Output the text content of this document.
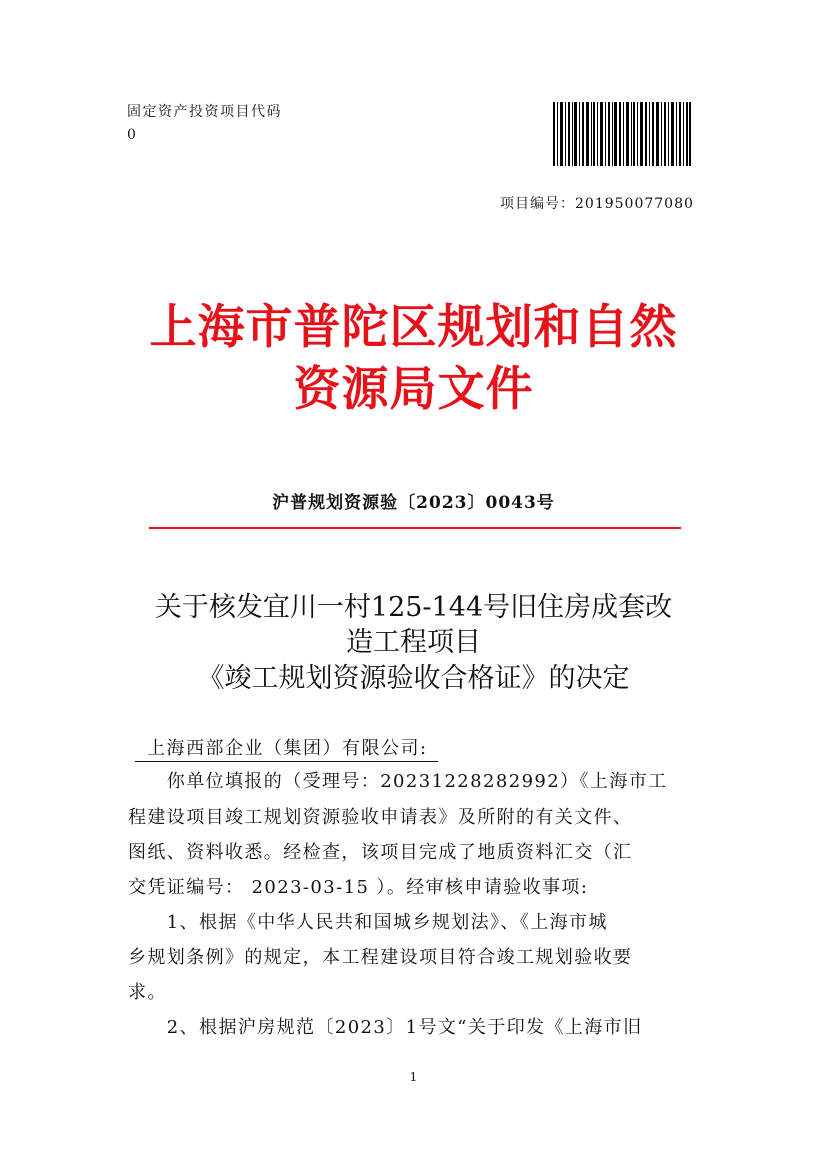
固定资产投资项目代码
0
项目编号：201950077080
上海市普陀区规划和自然
资源局文件
沪普规划资源验〔2023〕0043号
关于核发宜川一村125-144号旧住房成套改
造工程项目
《竣工规划资源验收合格证》的决定
上海西部企业（集团）有限公司:
　　你单位填报的（受理号：20231228282992）《上海市工
程建设项目竣工规划资源验收申请表》及所附的有关文件、
图纸、资料收悉。经检查，该项目完成了地质资料汇交（汇
交凭证编号： 2023-03-15 ）。经审核申请验收事项:
　　1、根据《中华人民共和国城乡规划法》、《上海市城
乡规划条例》的规定，本工程建设项目符合竣工规划验收要
求。
　　2、根据沪房规范〔2023〕1号文“关于印发《上海市旧
1
